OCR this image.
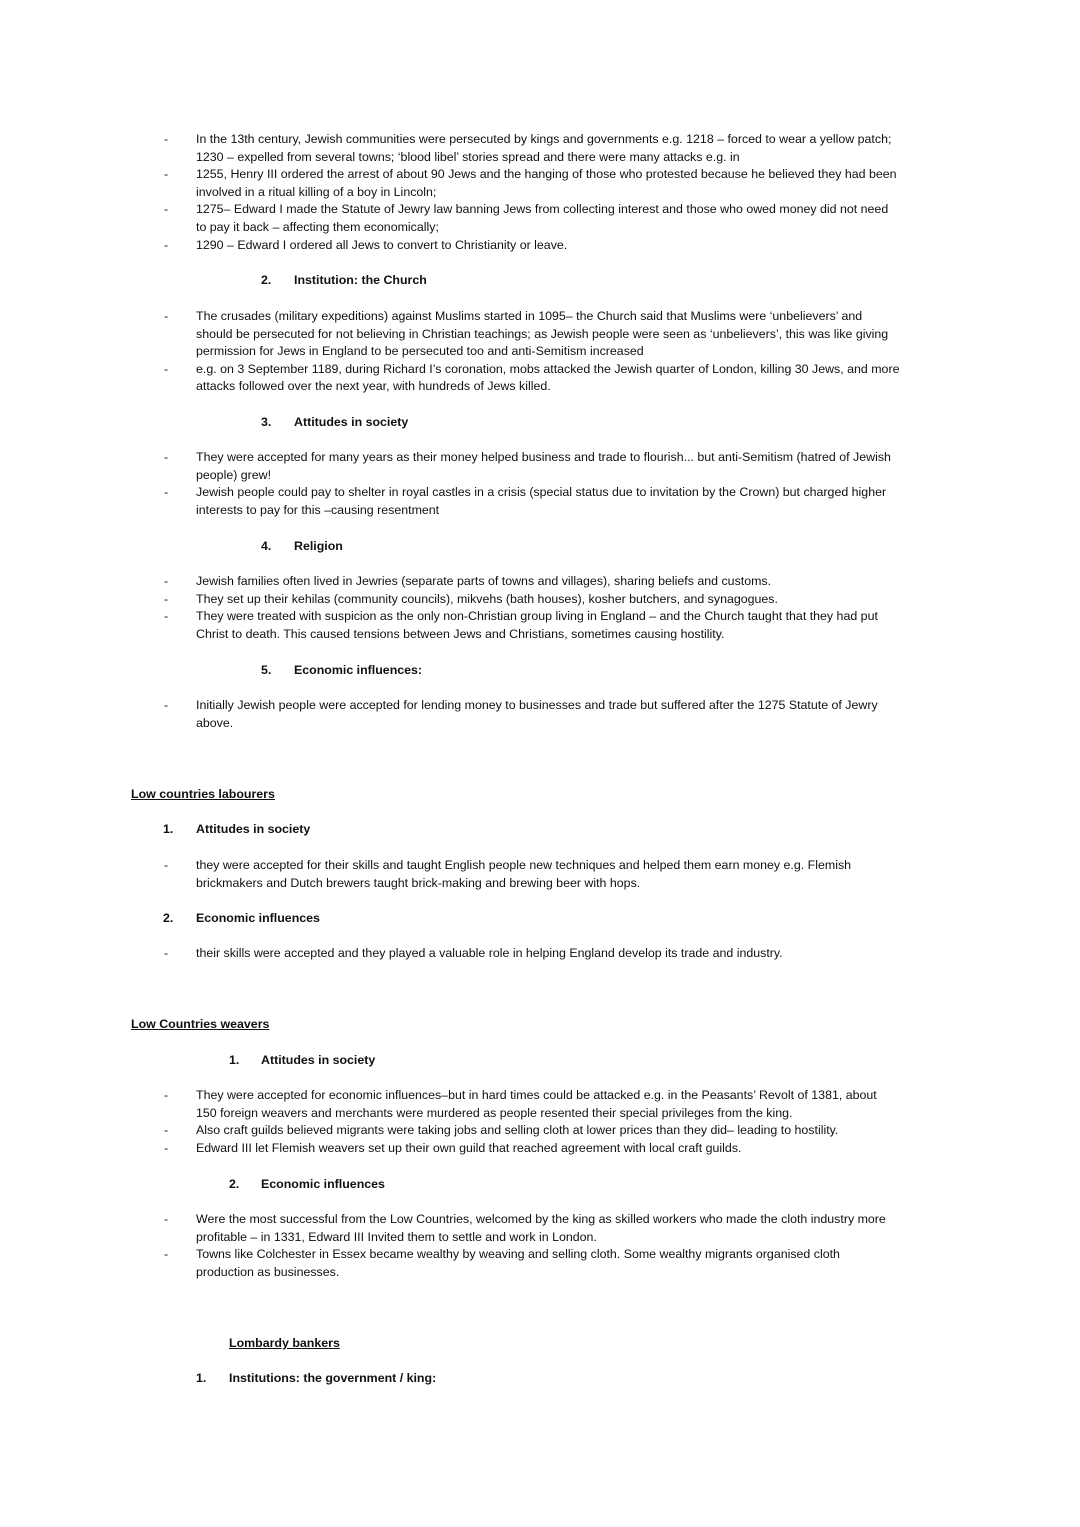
- In the 13th century, Jewish communities were persecuted by kings and governments e.g. 1218 – forced to wear a yellow patch;
1230 – expelled from several towns; ‘blood libel’ stories spread and there were many attacks e.g. in
- 1255, Henry III ordered the arrest of about 90 Jews and the hanging of those who protested because he believed they had been
involved in a ritual killing of a boy in Lincoln;
- 1275– Edward I made the Statute of Jewry law banning Jews from collecting interest and those who owed money did not need
to pay it back – affecting them economically;
- 1290 – Edward I ordered all Jews to convert to Christianity or leave.
2. Institution: the Church
- The crusades (military expeditions) against Muslims started in 1095– the Church said that Muslims were ‘unbelievers’ and
should be persecuted for not believing in Christian teachings; as Jewish people were seen as ‘unbelievers’, this was like giving
permission for Jews in England to be persecuted too and anti-Semitism increased
- e.g. on 3 September 1189, during Richard I’s coronation, mobs attacked the Jewish quarter of London, killing 30 Jews, and more
attacks followed over the next year, with hundreds of Jews killed.
3. Attitudes in society
- They were accepted for many years as their money helped business and trade to flourish... but anti-Semitism (hatred of Jewish
people) grew!
- Jewish people could pay to shelter in royal castles in a crisis (special status due to invitation by the Crown) but charged higher
interests to pay for this –causing resentment
4. Religion
- Jewish families often lived in Jewries (separate parts of towns and villages), sharing beliefs and customs.
- They set up their kehilas (community councils), mikvehs (bath houses), kosher butchers, and synagogues.
- They were treated with suspicion as the only non-Christian group living in England – and the Church taught that they had put
Christ to death. This caused tensions between Jews and Christians, sometimes causing hostility.
5. Economic influences:
- Initially Jewish people were accepted for lending money to businesses and trade but suffered after the 1275 Statute of Jewry
above.
Low countries labourers
1. Attitudes in society
- they were accepted for their skills and taught English people new techniques and helped them earn money e.g. Flemish
brickmakers and Dutch brewers taught brick-making and brewing beer with hops.
2. Economic influences
- their skills were accepted and they played a valuable role in helping England develop its trade and industry.
Low Countries weavers
1. Attitudes in society
- They were accepted for economic influences–but in hard times could be attacked e.g. in the Peasants’ Revolt of 1381, about
150 foreign weavers and merchants were murdered as people resented their special privileges from the king.
- Also craft guilds believed migrants were taking jobs and selling cloth at lower prices than they did– leading to hostility.
- Edward III let Flemish weavers set up their own guild that reached agreement with local craft guilds.
2. Economic influences
- Were the most successful from the Low Countries, welcomed by the king as skilled workers who made the cloth industry more
profitable – in 1331, Edward III Invited them to settle and work in London.
- Towns like Colchester in Essex became wealthy by weaving and selling cloth. Some wealthy migrants organised cloth
production as businesses.
Lombardy bankers
1. Institutions: the government / king:
